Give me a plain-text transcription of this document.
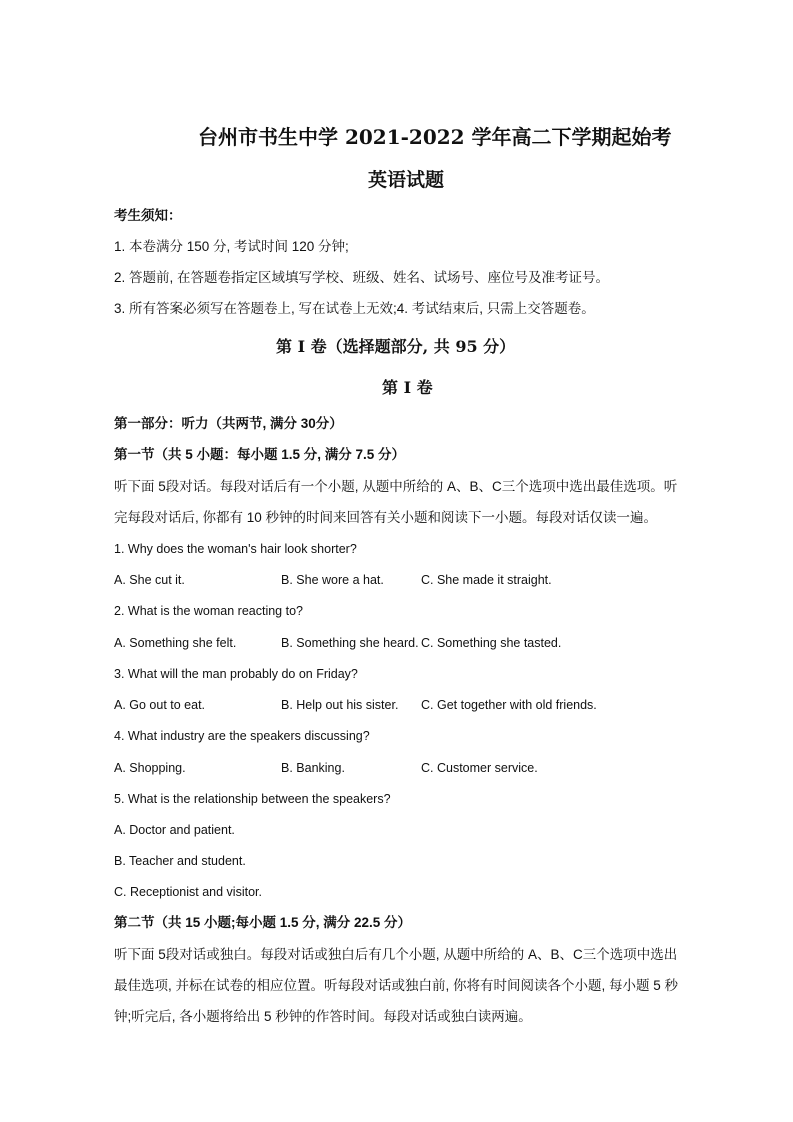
台州市书生中学 2021-2022 学年高二下学期起始考
英语试题
考生须知：
1. 本卷满分 150 分, 考试时间 120 分钟;
2. 答题前, 在答题卷指定区域填写学校、班级、姓名、试场号、座位号及准考证号。
3. 所有答案必须写在答题卷上, 写在试卷上无效;4. 考试结束后, 只需上交答题卷。
第 I 卷（选择题部分, 共 95 分）
第 I 卷
第一部分：听力（共两节, 满分 30分）
第一节（共 5 小题：每小题 1.5 分, 满分 7.5 分）
听下面 5段对话。每段对话后有一个小题, 从题中所给的 A、B、C三个选项中选出最佳选项。听
完每段对话后, 你都有 10 秒钟的时间来回答有关小题和阅读下一小题。每段对话仅读一遍。
1. Why does the woman's hair look shorter?
A. She cut it.	B. She wore a hat.	C. She made it straight.
2. What is the woman reacting to?
A. Something she felt.	B. Something she heard. C. Something she tasted.
3. What will the man probably do on Friday?
A. Go out to eat.	B. Help out his sister. C. Get together with old friends.
4. What industry are the speakers discussing?
A. Shopping.	B. Banking.	C. Customer service.
5. What is the relationship between the speakers?
A. Doctor and patient.
B. Teacher and student.
C. Receptionist and visitor.
第二节（共 15 小题;每小题 1.5 分, 满分 22.5 分）
听下面 5段对话或独白。每段对话或独白后有几个小题, 从题中所给的 A、B、C三个选项中选出
最佳选项, 并标在试卷的相应位置。听每段对话或独白前, 你将有时间阅读各个小题, 每小题 5 秒
钟;听完后, 各小题将给出 5 秒钟的作答时间。每段对话或独白读两遍。
